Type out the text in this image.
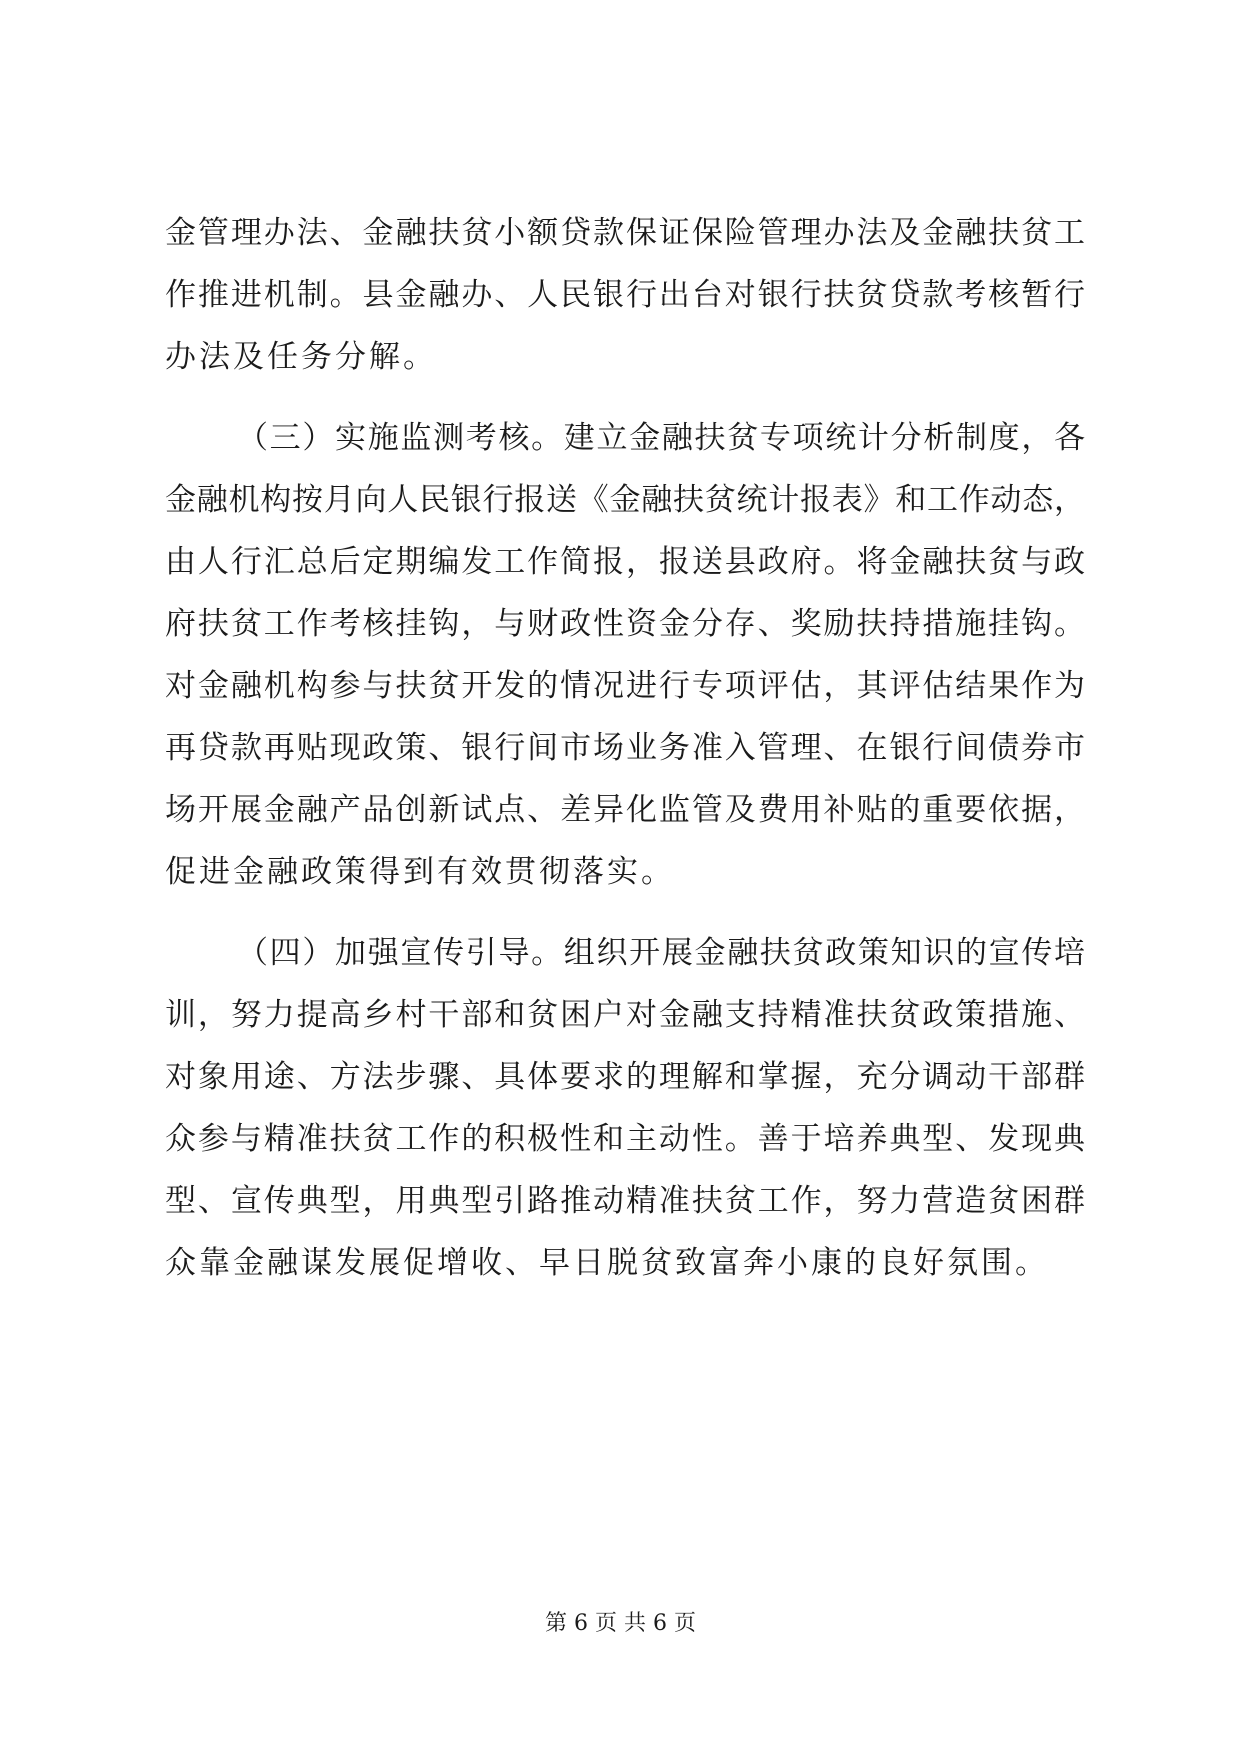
金管理办法、金融扶贫小额贷款保证保险管理办法及金融扶贫工
作推进机制。县金融办、人民银行出台对银行扶贫贷款考核暂行
办法及任务分解。
（三）实施监测考核。建立金融扶贫专项统计分析制度，各
金融机构按月向人民银行报送《金融扶贫统计报表》和工作动态，
由人行汇总后定期编发工作简报，报送县政府。将金融扶贫与政
府扶贫工作考核挂钩，与财政性资金分存、奖励扶持措施挂钩。
对金融机构参与扶贫开发的情况进行专项评估，其评估结果作为
再贷款再贴现政策、银行间市场业务准入管理、在银行间债券市
场开展金融产品创新试点、差异化监管及费用补贴的重要依据，
促进金融政策得到有效贯彻落实。
（四）加强宣传引导。组织开展金融扶贫政策知识的宣传培
训，努力提高乡村干部和贫困户对金融支持精准扶贫政策措施、
对象用途、方法步骤、具体要求的理解和掌握，充分调动干部群
众参与精准扶贫工作的积极性和主动性。善于培养典型、发现典
型、宣传典型，用典型引路推动精准扶贫工作，努力营造贫困群
众靠金融谋发展促增收、早日脱贫致富奔小康的良好氛围。
第 6 页 共 6 页
